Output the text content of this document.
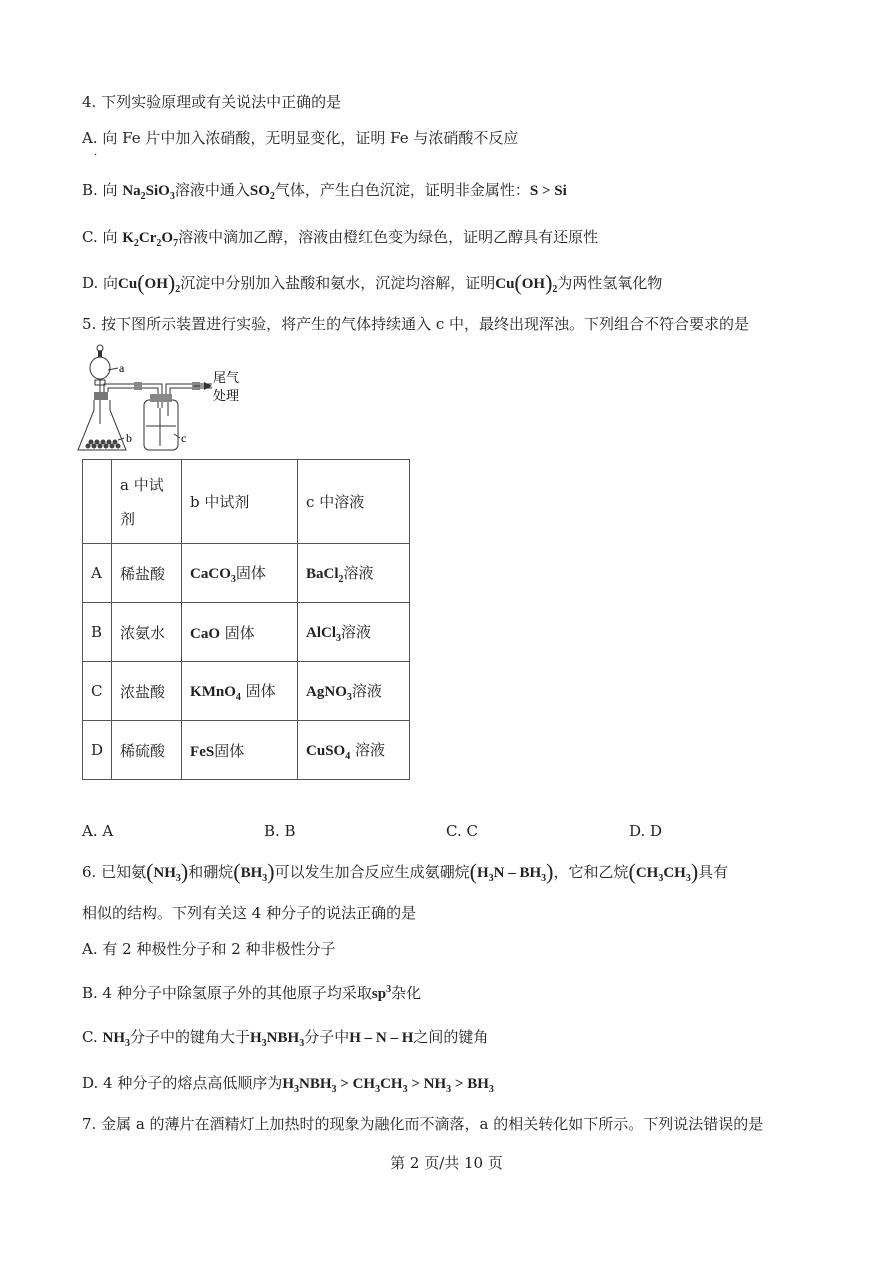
4. 下列实验原理或有关说法中正确的是
A. 向 Fe 片中加入浓硝酸，无明显变化，证明 Fe 与浓硝酸不反应
·
B. 向 $Na_2SiO_3$溶液中通入$SO_2$气体，产生白色沉淀，证明非金属性：S > Si
C. 向 $K_2Cr_2O_7$溶液中滴加乙醇，溶液由橙红色变为绿色，证明乙醇具有还原性
D. 向$Cu(OH)_2$沉淀中分别加入盐酸和氨水，沉淀均溶解，证明$Cu(OH)_2$为两性氢氧化物
5. 按下图所示装置进行实验，将产生的气体持续通入 c 中，最终出现浑浊。下列组合不符合要求的是
a
b	c
尾气
处理
	a 中试
剂	b 中试剂	c 中溶液
A	稀盐酸	CaCO$_3$固体	BaCl$_2$溶液
B	浓氨水	CaO 固体	AlCl$_3$溶液
C	浓盐酸	KMnO$_4$ 固体	AgNO$_3$溶液
D	稀硫酸	FeS固体	CuSO$_4$ 溶液
A. A	B. B	C. C	D. D
6. 已知氨$(NH_3)$和硼烷$(BH_3)$可以发生加合反应生成氨硼烷$(H_3N - BH_3)$，它和乙烷$(CH_3CH_3)$具有
相似的结构。下列有关这 4 种分子的说法正确的是
A. 有 2 种极性分子和 2 种非极性分子
B. 4 种分子中除氢原子外的其他原子均采取$sp^3$杂化
C. $NH_3$分子中的键角大于$H_3NBH_3$分子中H – N – H之间的键角
D. 4 种分子的熔点高低顺序为$H_3NBH_3 > CH_3CH_3 > NH_3 > BH_3$
7. 金属 a 的薄片在酒精灯上加热时的现象为融化而不滴落，a 的相关转化如下所示。下列说法错误的是
第 2 页/共 10 页
